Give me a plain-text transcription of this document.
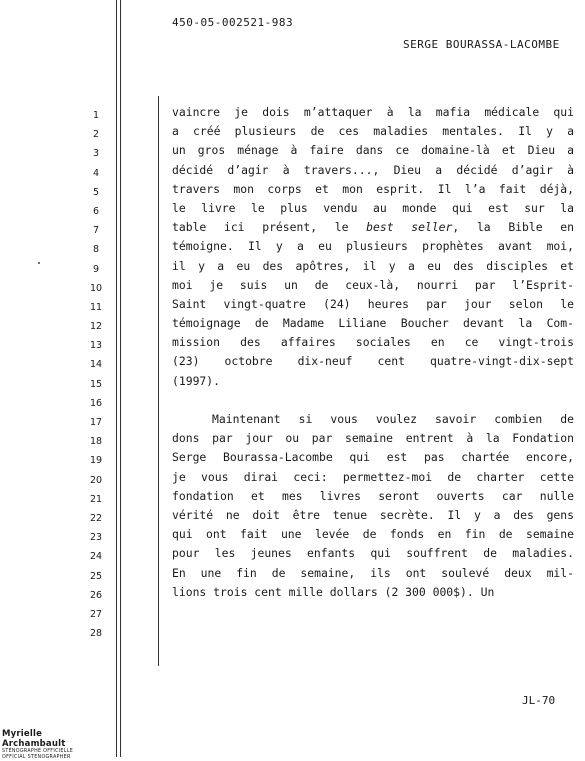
450-05-002521-983
SERGE BOURASSA-LACOMBE
1
2
3
4
5
6
7
8
9
10
11
12
13
14
15
16
17
18
19
20
21
22
23
24
25
26
27
28
vaincre je dois m’attaquer à la mafia médicale qui
a créé plusieurs de ces maladies mentales. Il y a
un gros ménage à faire dans ce domaine-là et Dieu a
décidé d’agir à travers..., Dieu a décidé d’agir à
travers mon corps et mon esprit. Il l’a fait déjà,
le livre le plus vendu au monde qui est sur la
table ici présent, le best seller, la Bible en
témoigne. Il y a eu plusieurs prophètes avant moi,
il y a eu des apôtres, il y a eu des disciples et
moi je suis un de ceux-là, nourri par l’Esprit-
Saint vingt-quatre (24) heures par jour selon le
témoignage de Madame Liliane Boucher devant la Com-
mission des affaires sociales en ce vingt-trois
(23) octobre dix-neuf cent quatre-vingt-dix-sept
(1997).
Maintenant si vous voulez savoir combien de
dons par jour ou par semaine entrent à la Fondation
Serge Bourassa-Lacombe qui est pas chartée encore,
je vous dirai ceci: permettez-moi de charter cette
fondation et mes livres seront ouverts car nulle
vérité ne doit être tenue secrète. Il y a des gens
qui ont fait une levée de fonds en fin de semaine
pour les jeunes enfants qui souffrent de maladies.
En une fin de semaine, ils ont soulevé deux mil-
lions trois cent mille dollars (2 300 000$). Un
JL-70
Myrielle Archambault
STÉNOGRAPHE OFFICIELLE
OFFICIAL STENOGRAPHER
